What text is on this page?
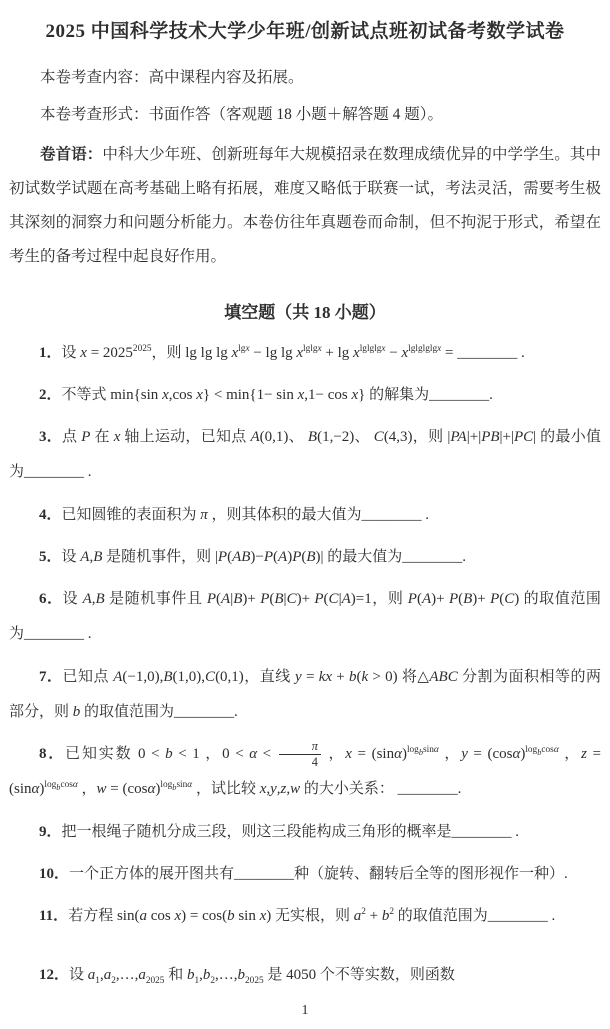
2025 中国科学技术大学少年班/创新试点班初试备考数学试卷

本卷考查内容：高中课程内容及拓展。

本卷考查形式：书面作答（客观题 18 小题＋解答题 4 题）。

卷首语：中科大少年班、创新班每年大规模招录在数理成绩优异的中学学生。其中初试数学试题在高考基础上略有拓展，难度又略低于联赛一试，考法灵活，需要考生极其深刻的洞察力和问题分析能力。本卷仿往年真题卷而命制，但不拘泥于形式，希望在考生的备考过程中起良好作用。

填空题（共 18 小题）

1．设 $x = 2025^{2025}$，则 $\lg \lg \lg x^{lgx} - \lg \lg x^{lglgx} + \lg x^{lglglgx} - x^{lglglglgx}$ = ________ .

2．不等式 min{sin x,cos x} < min{1− sin x,1− cos x} 的解集为________.

3．点 P 在 x 轴上运动，已知点 A(0,1)、 B(1,−2)、 C(4,3)，则 |PA|+|PB|+|PC| 的最小值为________ .

4．已知圆锥的表面积为 π ，则其体积的最大值为________ .

5．设 A,B 是随机事件，则 |P(AB)−P(A)P(B)| 的最大值为________.

6．设 A,B 是随机事件且 P(A|B)+ P(B|C)+ P(C|A)=1，则 P(A)+ P(B)+ P(C) 的取值范围为________ .

7．已知点 A(−1,0),B(1,0),C(0,1)，直线 y = kx + b(k > 0) 将△ABC 分割为面积相等的两部分，则 b 的取值范围为________.

8．已知实数 0 < b < 1 ，$0 < \alpha < \frac{\pi}{4}$ ，$x = (\sin\alpha)^{log_bsin\alpha}$ ，$y = (\cos\alpha)^{log_bcos\alpha}$ ，$z = (\sin\alpha)^{log_bcos\alpha}$ ，$w = (\cos\alpha)^{log_bsin\alpha}$ ，试比较 x,y,z,w 的大小关系： ________.

9．把一根绳子随机分成三段，则这三段能构成三角形的概率是________ .

10．一个正方体的展开图共有________种（旋转、翻转后全等的图形视作一种）.

11．若方程 sin(a cos x) = cos(b sin x) 无实根，则 $a^2 + b^2$ 的取值范围为________ .

12．设 $a_1,a_2,\dots,a_{2025}$ 和 $b_1,b_2,\dots,b_{2025}$ 是 4050 个不等实数，则函数

1
